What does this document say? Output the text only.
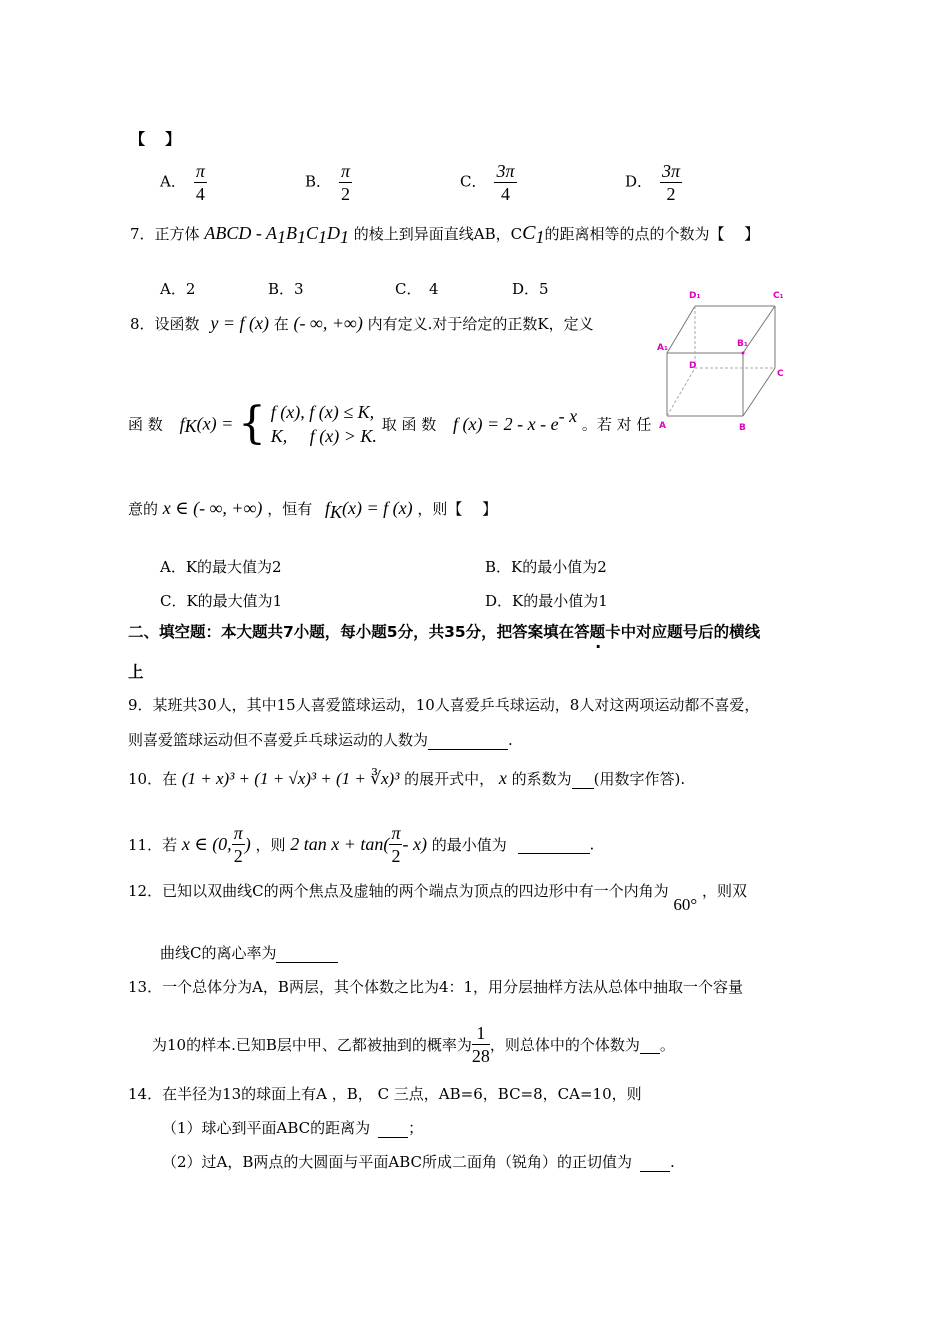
【　 】
A． $\frac{\pi}{4}$	B． $\frac{\pi}{2}$	C． $\frac{3\pi}{4}$	D． $\frac{3\pi}{2}$
7．正方体 ABCD - $A_1B_1C_1D_1$ 的棱上到异面直线AB，$CC_1$的距离相等的点的个数为【　 】
A．2	B．3	C．　4	D．5
8．设函数 y = f (x) 在 (- ∞, +∞) 内有定义.对于给定的正数K，定义
函 数 $f_K(x)$ = { f (x), f (x) ≤ K,
K,　 f (x) > K.
取 函 数 f $(x) = 2 - x - e^{- x}$ 。若 对 任
意的 x ∈ (- ∞, +∞) ，恒有 $f_K(x) = f$ (x) ，则【　 】
A．K的最大值为2	B．K的最小值为2
C．K的最大值为1	D．K的最小值为1
D₁	C₁
A₁	B₁
D
C
A	B
二、填空题：本大题共7小题，每小题5分，共35分，把答案填在答题卡中对应题号后的横线
上
9．某班共30人，其中15人喜爱篮球运动，10人喜爱乒乓球运动，8人对这两项运动都不喜爱，
则喜爱篮球运动但不喜爱乒乓球运动的人数为	.
10．在 (1 + x)³ + (1 + √x)³ + (1 + ∛x)³ 的展开式中， x 的系数为 (用数字作答).
11．若 x ∈ (0, $\frac{\pi}{2}$ ) ，则 2 $\tan x + \tan( \frac{\pi}{2} - x)$ 的最小值为	.
12．已知以双曲线C的两个焦点及虚轴的两个端点为顶点的四边形中有一个内角为 60° ，则双
曲线C的离心率为
13．一个总体分为A，B两层，其个体数之比为4：1，用分层抽样方法从总体中抽取一个容量
为10的样本.已知B层中甲、乙都被抽到的概率为 $\frac{1}{28}$ ，则总体中的个体数为 。
14．在半径为13的球面上有A ，B， C 三点，AB=6，BC=8，CA=10，则
（1）球心到平面ABC的距离为	；
（2）过A，B两点的大圆面与平面ABC所成二面角（锐角）的正切值为	.
